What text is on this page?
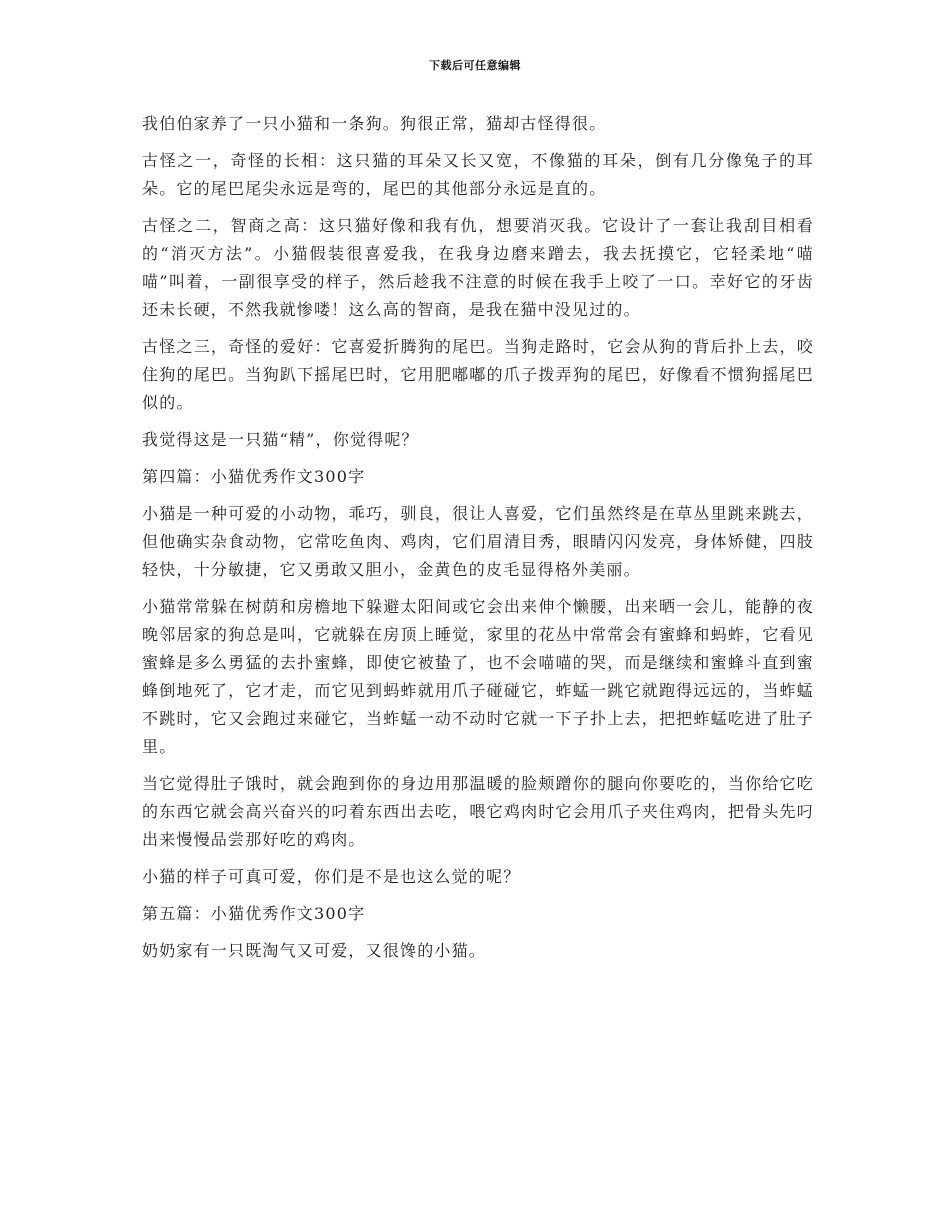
下载后可任意编辑

我伯伯家养了一只小猫和一条狗。狗很正常，猫却古怪得很。

古怪之一，奇怪的长相：这只猫的耳朵又长又宽，不像猫的耳朵，倒有几分像兔子的耳朵。它的尾巴尾尖永远是弯的，尾巴的其他部分永远是直的。

古怪之二，智商之高：这只猫好像和我有仇，想要消灭我。它设计了一套让我刮目相看的“消灭方法”。小猫假装很喜爱我，在我身边磨来蹭去，我去抚摸它，它轻柔地“喵喵”叫着，一副很享受的样子，然后趁我不注意的时候在我手上咬了一口。幸好它的牙齿还未长硬，不然我就惨喽！这么高的智商，是我在猫中没见过的。

古怪之三，奇怪的爱好：它喜爱折腾狗的尾巴。当狗走路时，它会从狗的背后扑上去，咬住狗的尾巴。当狗趴下摇尾巴时，它用肥嘟嘟的爪子拨弄狗的尾巴，好像看不惯狗摇尾巴似的。

我觉得这是一只猫“精”，你觉得呢？

第四篇：小猫优秀作文300字

小猫是一种可爱的小动物，乖巧，驯良，很让人喜爱，它们虽然终是在草丛里跳来跳去，但他确实杂食动物，它常吃鱼肉、鸡肉，它们眉清目秀，眼睛闪闪发亮，身体矫健，四肢轻快，十分敏捷，它又勇敢又胆小，金黄色的皮毛显得格外美丽。

小猫常常躲在树荫和房檐地下躲避太阳间或它会出来伸个懒腰，出来晒一会儿，能静的夜晚邻居家的狗总是叫，它就躲在房顶上睡觉，家里的花丛中常常会有蜜蜂和蚂蚱，它看见蜜蜂是多么勇猛的去扑蜜蜂，即使它被蛰了，也不会喵喵的哭，而是继续和蜜蜂斗直到蜜蜂倒地死了，它才走，而它见到蚂蚱就用爪子碰碰它，蚱蜢一跳它就跑得远远的，当蚱蜢不跳时，它又会跑过来碰它，当蚱蜢一动不动时它就一下子扑上去，把把蚱蜢吃进了肚子里。

当它觉得肚子饿时，就会跑到你的身边用那温暖的脸颊蹭你的腿向你要吃的，当你给它吃的东西它就会高兴奋兴的叼着东西出去吃，喂它鸡肉时它会用爪子夹住鸡肉，把骨头先叼出来慢慢品尝那好吃的鸡肉。

小猫的样子可真可爱，你们是不是也这么觉的呢？

第五篇：小猫优秀作文300字

奶奶家有一只既淘气又可爱，又很馋的小猫。
